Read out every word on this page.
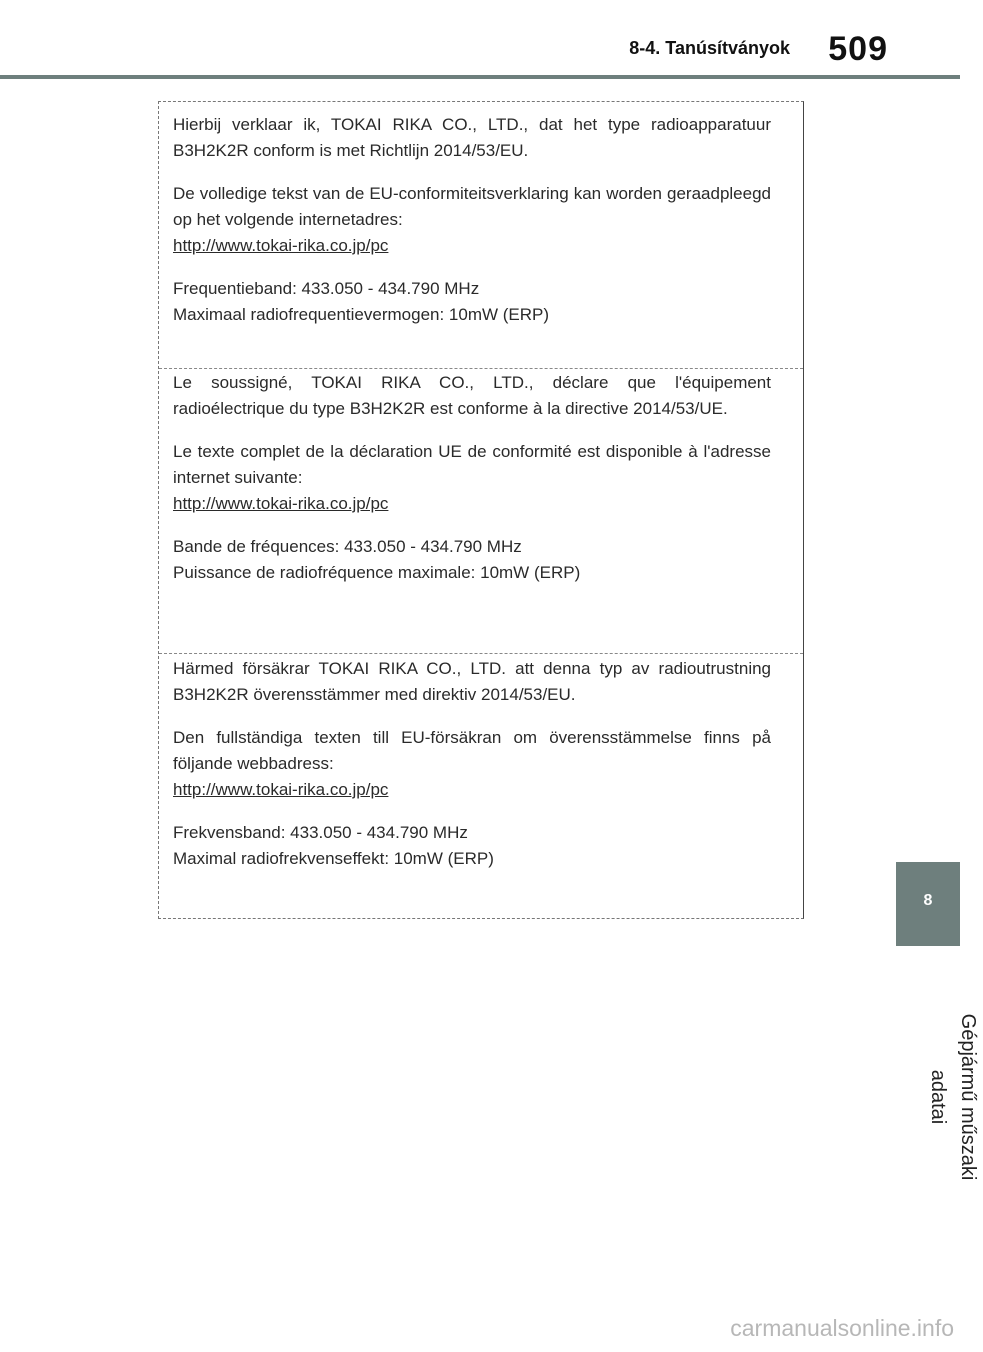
8-4. Tanúsítványok 509

Hierbij verklaar ik, TOKAI RIKA CO., LTD., dat het type radioapparatuur B3H2K2R conform is met Richtlijn 2014/53/EU.

De volledige tekst van de EU-conformiteitsverklaring kan worden geraadpleegd op het volgende internetadres:

http://www.tokai-rika.co.jp/pc

Frequentieband: 433.050 - 434.790 MHz

Maximaal radiofrequentievermogen: 10mW (ERP)

Le soussigné, TOKAI RIKA CO., LTD., déclare que l'équipement radioélectrique du type B3H2K2R est conforme à la directive 2014/53/UE.

Le texte complet de la déclaration UE de conformité est disponible à l'adresse internet suivante:

http://www.tokai-rika.co.jp/pc

Bande de fréquences: 433.050 - 434.790 MHz

Puissance de radiofréquence maximale: 10mW (ERP)

Härmed försäkrar TOKAI RIKA CO., LTD. att denna typ av radioutrustning B3H2K2R överensstämmer med direktiv 2014/53/EU.

Den fullständiga texten till EU-försäkran om överensstämmelse finns på följande webbadress:

http://www.tokai-rika.co.jp/pc

Frekvensband: 433.050 - 434.790 MHz

Maximal radiofrekvenseffekt: 10mW (ERP)

8
Gépjármű műszaki adatai
carmanualsonline.info
